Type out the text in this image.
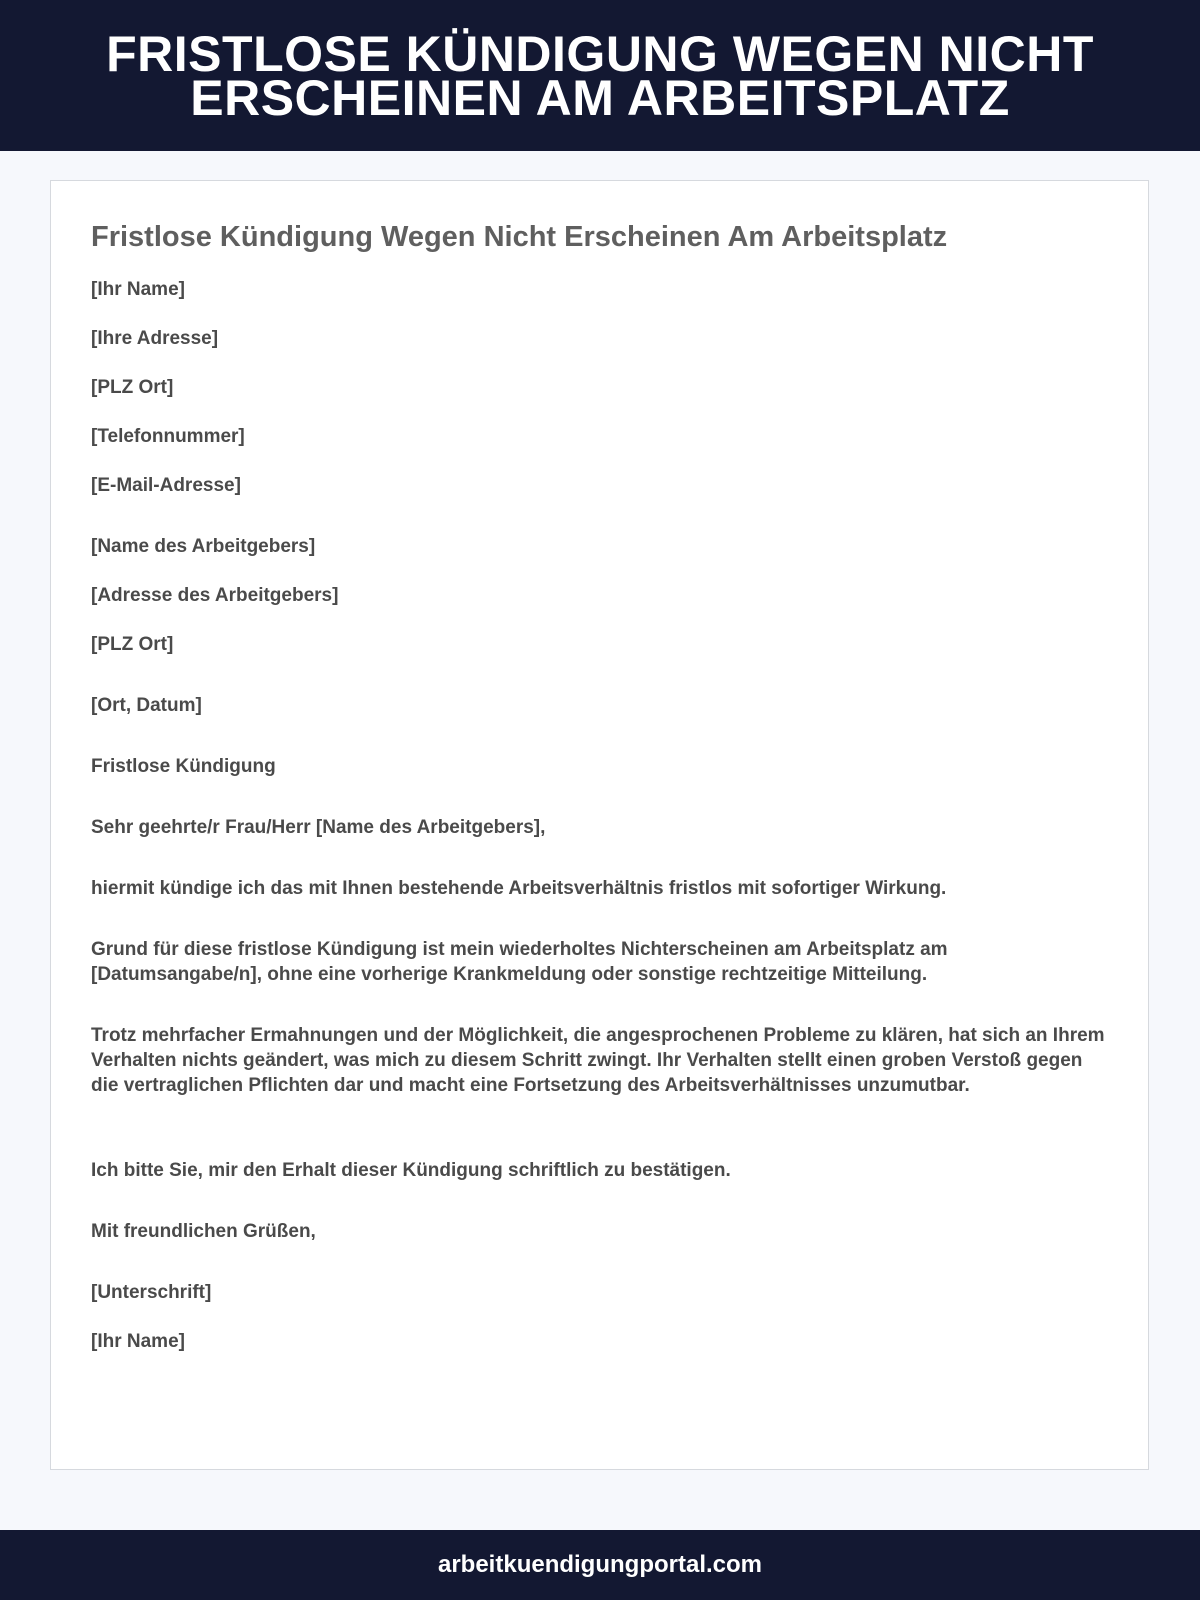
FRISTLOSE KÜNDIGUNG WEGEN NICHT ERSCHEINEN AM ARBEITSPLATZ
Fristlose Kündigung Wegen Nicht Erscheinen Am Arbeitsplatz

[Ihr Name]

[Ihre Adresse]

[PLZ Ort]

[Telefonnummer]

[E-Mail-Adresse]

[Name des Arbeitgebers]

[Adresse des Arbeitgebers]

[PLZ Ort]

[Ort, Datum]

Fristlose Kündigung

Sehr geehrte/r Frau/Herr [Name des Arbeitgebers],

hiermit kündige ich das mit Ihnen bestehende Arbeitsverhältnis fristlos mit sofortiger Wirkung.

Grund für diese fristlose Kündigung ist mein wiederholtes Nichterscheinen am Arbeitsplatz am [Datumsangabe/n], ohne eine vorherige Krankmeldung oder sonstige rechtzeitige Mitteilung.

Trotz mehrfacher Ermahnungen und der Möglichkeit, die angesprochenen Probleme zu klären, hat sich an Ihrem Verhalten nichts geändert, was mich zu diesem Schritt zwingt. Ihr Verhalten stellt einen groben Verstoß gegen die vertraglichen Pflichten dar und macht eine Fortsetzung des Arbeitsverhältnisses unzumutbar.

Ich bitte Sie, mir den Erhalt dieser Kündigung schriftlich zu bestätigen.

Mit freundlichen Grüßen,

[Unterschrift]

[Ihr Name]

arbeitkuendigungportal.com
